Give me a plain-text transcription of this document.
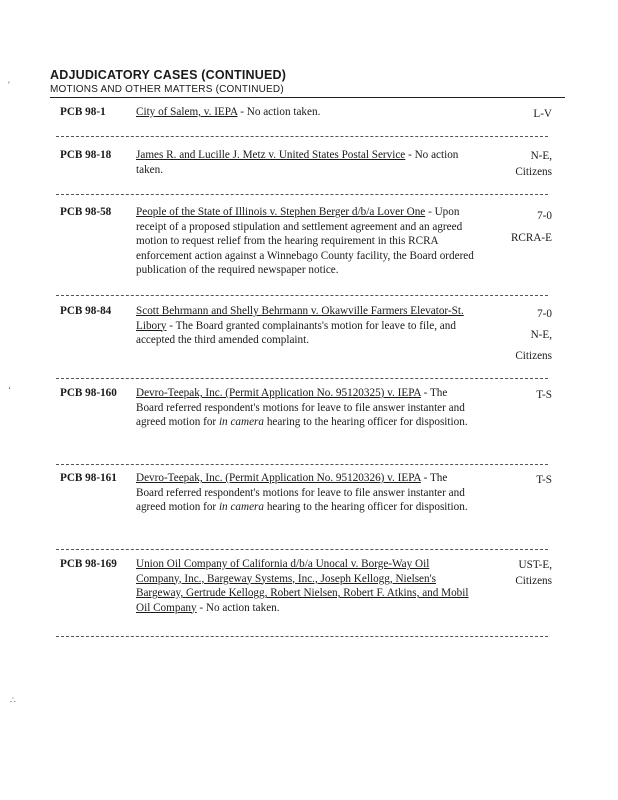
ADJUDICATORY CASES (CONTINUED)
MOTIONS AND OTHER MATTERS (CONTINUED)
PCB 98-1	City of Salem, v. IEPA - No action taken.	L-V
PCB 98-18 James R. and Lucille J. Metz v. United States Postal Service - No action taken.
N-E,
Citizens
PCB 98-58 People of the State of Illinois v. Stephen Berger d/b/a Lover One - Upon receipt of a proposed stipulation and settlement agreement and an agreed motion to request relief from the hearing requirement in this RCRA enforcement action against a Winnebago County facility, the Board ordered publication of the required newspaper notice.
7-0
RCRA-E
PCB 98-84 Scott Behrmann and Shelly Behrmann v. Okawville Farmers Elevator-St. Libory - The Board granted complainants's motion for leave to file, and accepted the third amended complaint.
7-0
N-E,
Citizens
PCB 98-160 Devro-Teepak, Inc. (Permit Application No. 95120325) v. IEPA - The Board referred respondent's motions for leave to file answer instanter and agreed motion for in camera hearing to the hearing officer for disposition.
T-S
PCB 98-161 Devro-Teepak, Inc. (Permit Application No. 95120326) v. IEPA - The Board referred respondent's motions for leave to file answer instanter and agreed motion for in camera hearing to the hearing officer for disposition.
T-S
PCB 98-169 Union Oil Company of California d/b/a Unocal v. Borge-Way Oil Company, Inc., Bargeway Systems, Inc., Joseph Kellogg, Nielsen's Bargeway, Gertrude Kellogg, Robert Nielsen, Robert F. Atkins, and Mobil Oil Company - No action taken.
UST-E,
Citizens
′
‘
∴
